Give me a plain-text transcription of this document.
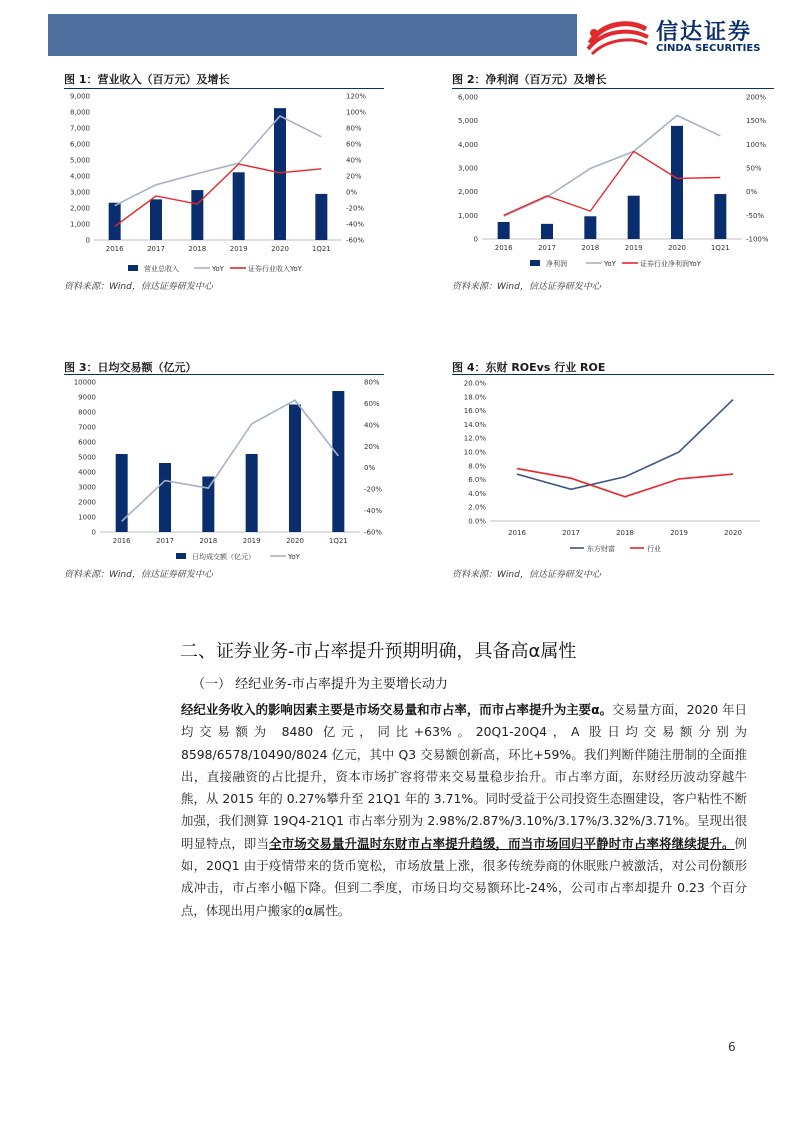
信达证券
CINDA SECURITIES
图 1：营业收入（百万元）及增长
9,000
8,000
7,000
6,000
5,000
4,000
3,000
2,000
1,000
0
120%
100%
80%
60%
40%
20%
0%
-20%
-40%
-60%
2016	2017	2018	2019	2020	1Q21
营业总收入	YoY	证券行业收入YoY
资料来源：Wind，信达证券研发中心
图 2：净利润（百万元）及增长
6,000
5,000
4,000
3,000
2,000
1,000
0
200%
150%
100%
50%
0%
-50%
-100%
2016	2017	2018	2019	2020	1Q21
净利润	YoY	证券行业净利润YoY
资料来源：Wind，信达证券研发中心
图 3：日均交易额（亿元）
10000
9000
8000
7000
6000
5000
4000
3000
2000
1000
0
80%
60%
40%
20%
0%
-20%
-40%
-60%
2016	2017	2018	2019	2020	1Q21
日均成交额（亿元）	YoY
资料来源：Wind，信达证券研发中心
图 4：东财 ROEvs 行业 ROE
20.0%
18.0%
16.0%
14.0%
12.0%
10.0%
8.0%
6.0%
4.0%
2.0%
0.0%
2016	2017	2018	2019	2020
东方财富	行业
资料来源：Wind，信达证券研发中心
二、证券业务-市占率提升预期明确，具备高α属性
（一） 经纪业务-市占率提升为主要增长动力
经纪业务收入的影响因素主要是市场交易量和市占率，而市占率提升为主要α。交易量方面，2020 年日均交易额为 8480 亿元，同比+63%。20Q1-20Q4，A 股日均交易额分别为 8598/6578/10490/8024 亿元，其中 Q3 交易额创新高，环比+59%。我们判断伴随注册制的全面推出，直接融资的占比提升，资本市场扩容将带来交易量稳步抬升。市占率方面，东财经历波动穿越牛熊，从 2015 年的 0.27%攀升至 21Q1 年的 3.71%。同时受益于公司投资生态圈建设，客户粘性不断加强，我们测算 19Q4-21Q1 市占率分别为 2.98%/2.87%/3.10%/3.17%/3.32%/3.71%。呈现出很明显特点，即当全市场交易量升温时东财市占率提升趋缓，而当市场回归平静时市占率将继续提升。例如，20Q1 由于疫情带来的货币宽松，市场放量上涨，很多传统券商的休眠账户被激活，对公司份额形成冲击，市占率小幅下降。但到二季度，市场日均交易额环比-24%，公司市占率却提升 0.23 个百分点，体现出用户搬家的α属性。
6
